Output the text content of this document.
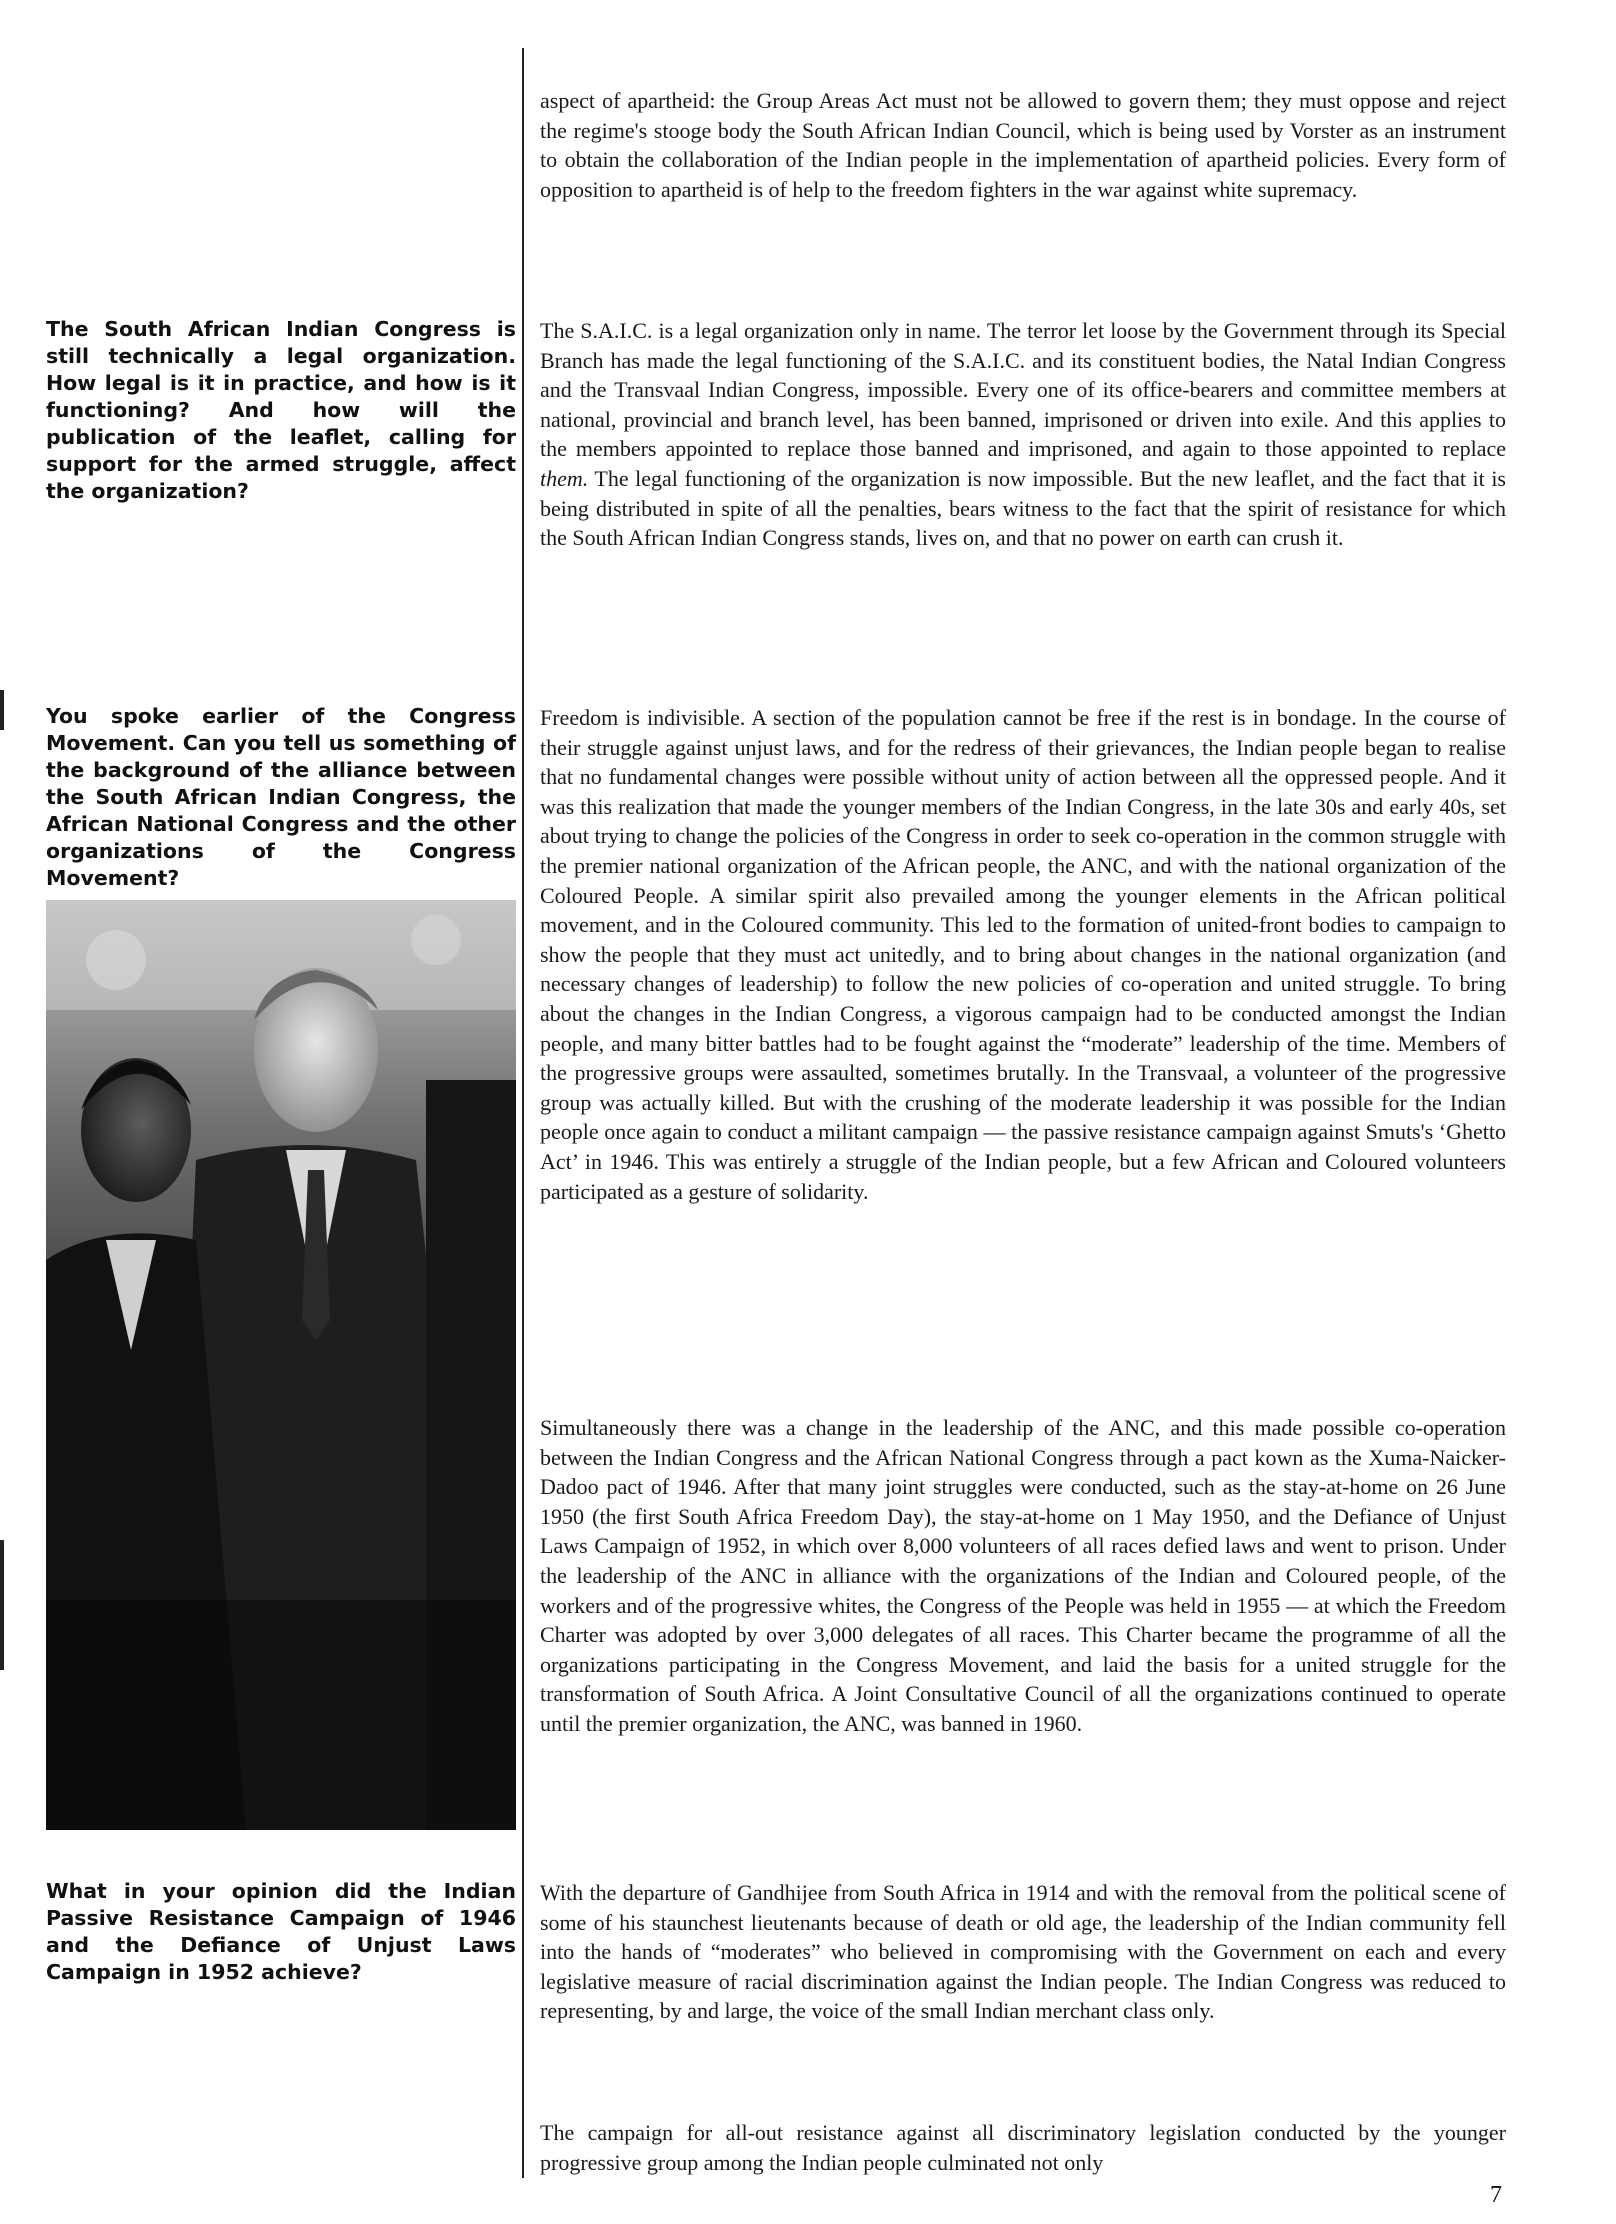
aspect of apartheid: the Group Areas Act must not be allowed to govern them; they must oppose and reject the regime's stooge body the South African Indian Council, which is being used by Vorster as an instrument to obtain the collaboration of the Indian people in the implementation of apartheid policies. Every form of opposition to apartheid is of help to the freedom fighters in the war against white supremacy.

The South African Indian Congress is still technically a legal organization. How legal is it in practice, and how is it functioning? And how will the publication of the leaflet, calling for support for the armed struggle, affect the organization?

The S.A.I.C. is a legal organization only in name. The terror let loose by the Government through its Special Branch has made the legal functioning of the S.A.I.C. and its constituent bodies, the Natal Indian Congress and the Transvaal Indian Congress, impossible. Every one of its office-bearers and committee members at national, provincial and branch level, has been banned, imprisoned or driven into exile. And this applies to the members appointed to replace those banned and imprisoned, and again to those appointed to replace them. The legal functioning of the organization is now impossible. But the new leaflet, and the fact that it is being distributed in spite of all the penalties, bears witness to the fact that the spirit of resistance for which the South African Indian Congress stands, lives on, and that no power on earth can crush it.

You spoke earlier of the Congress Movement. Can you tell us something of the background of the alliance between the South African Indian Congress, the African National Congress and the other organizations of the Congress Movement?

Freedom is indivisible. A section of the population cannot be free if the rest is in bondage. In the course of their struggle against unjust laws, and for the redress of their grievances, the Indian people began to realise that no fundamental changes were possible without unity of action between all the oppressed people. And it was this realization that made the younger members of the Indian Congress, in the late 30s and early 40s, set about trying to change the policies of the Congress in order to seek co-operation in the common struggle with the premier national organization of the African people, the ANC, and with the national organization of the Coloured People. A similar spirit also prevailed among the younger elements in the African political movement, and in the Coloured community. This led to the formation of united-front bodies to campaign to show the people that they must act unitedly, and to bring about changes in the national organization (and necessary changes of leadership) to follow the new policies of co-operation and united struggle. To bring about the changes in the Indian Congress, a vigorous campaign had to be conducted amongst the Indian people, and many bitter battles had to be fought against the “moderate” leadership of the time. Members of the progressive groups were assaulted, sometimes brutally. In the Transvaal, a volunteer of the progressive group was actually killed. But with the crushing of the moderate leadership it was possible for the Indian people once again to conduct a militant campaign — the passive resistance campaign against Smuts's ‘Ghetto Act’ in 1946. This was entirely a struggle of the Indian people, but a few African and Coloured volunteers participated as a gesture of solidarity.

Simultaneously there was a change in the leadership of the ANC, and this made possible co-operation between the Indian Congress and the African National Congress through a pact kown as the Xuma-Naicker-Dadoo pact of 1946. After that many joint struggles were conducted, such as the stay-at-home on 26 June 1950 (the first South Africa Freedom Day), the stay-at-home on 1 May 1950, and the Defiance of Unjust Laws Campaign of 1952, in which over 8,000 volunteers of all races defied laws and went to prison. Under the leadership of the ANC in alliance with the organizations of the Indian and Coloured people, of the workers and of the progressive whites, the Congress of the People was held in 1955 — at which the Freedom Charter was adopted by over 3,000 delegates of all races. This Charter became the programme of all the organizations participating in the Congress Movement, and laid the basis for a united struggle for the transformation of South Africa. A Joint Consultative Council of all the organizations continued to operate until the premier organization, the ANC, was banned in 1960.

What in your opinion did the Indian Passive Resistance Campaign of 1946 and the Defiance of Unjust Laws Campaign in 1952 achieve?

With the departure of Gandhijee from South Africa in 1914 and with the removal from the political scene of some of his staunchest lieutenants because of death or old age, the leadership of the Indian community fell into the hands of “moderates” who believed in compromising with the Government on each and every legislative measure of racial discrimination against the Indian people. The Indian Congress was reduced to representing, by and large, the voice of the small Indian merchant class only.

The campaign for all-out resistance against all discriminatory legislation conducted by the younger progressive group among the Indian people culminated not only

7
